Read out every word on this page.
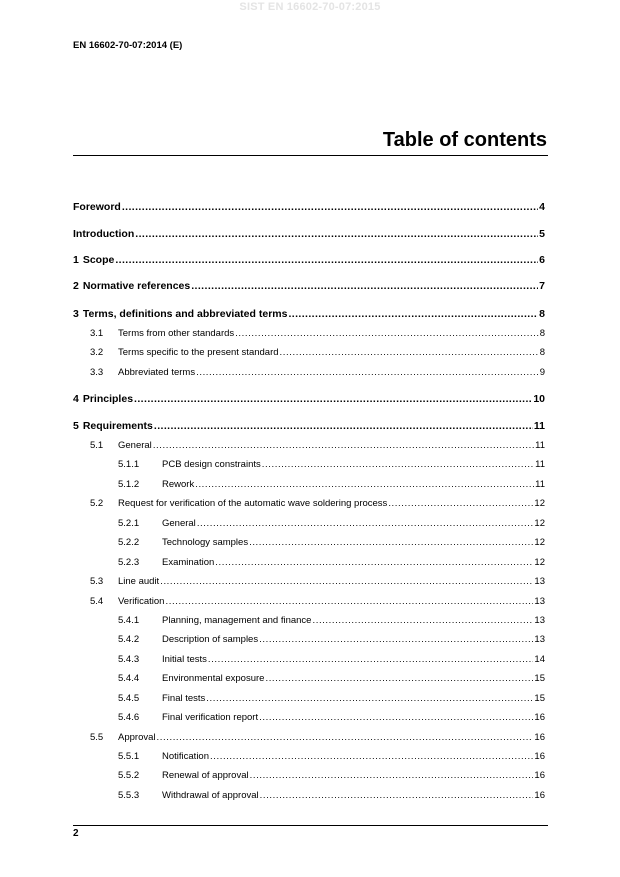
SIST EN 16602-70-07:2015
EN 16602-70-07:2014 (E)
Table of contents
Foreword .....	4
Introduction .....	5
1 Scope .....	6
2 Normative references .....	7
3 Terms, definitions and abbreviated terms .....	8
3.1	Terms from other standards .....	8
3.2	Terms specific to the present standard .....	8
3.3	Abbreviated terms .....	9
4 Principles .....	10
5 Requirements .....	11
5.1	General .....	11
5.1.1	PCB design constraints .....	11
5.1.2	Rework .....	11
5.2	Request for verification of the automatic wave soldering process .....	12
5.2.1	General .....	12
5.2.2	Technology samples .....	12
5.2.3	Examination .....	12
5.3	Line audit .....	13
5.4	Verification .....	13
5.4.1	Planning, management and finance .....	13
5.4.2	Description of samples .....	13
5.4.3	Initial tests .....	14
5.4.4	Environmental exposure .....	15
5.4.5	Final tests .....	15
5.4.6	Final verification report .....	16
5.5	Approval .....	16
5.5.1	Notification .....	16
5.5.2	Renewal of approval .....	16
5.5.3	Withdrawal of approval .....	16
2
